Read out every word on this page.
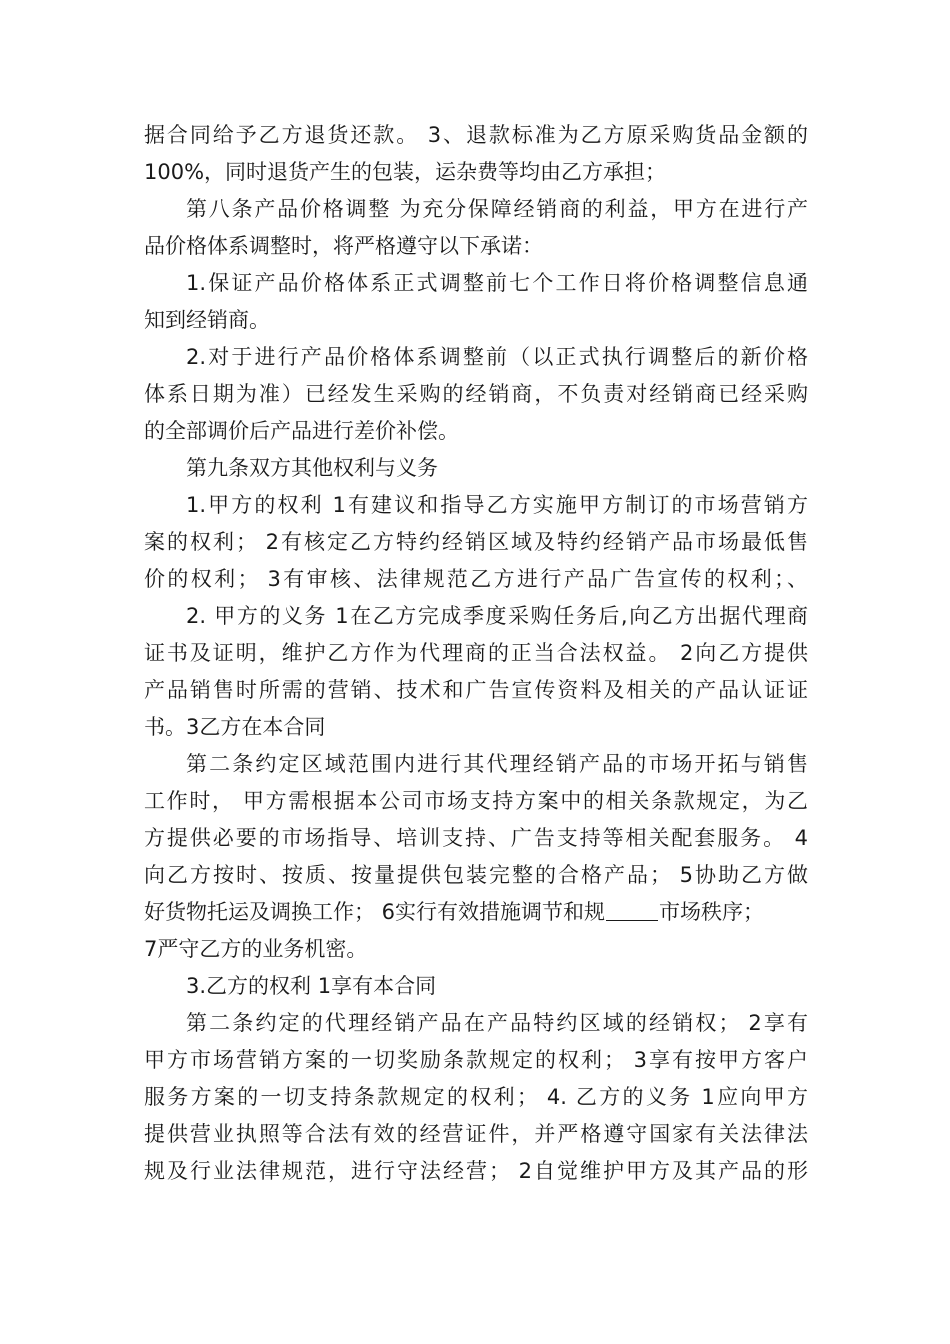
据合同给予乙方退货还款。 3、退款标准为乙方原采购货品金额的
100%，同时退货产生的包装，运杂费等均由乙方承担；
第八条产品价格调整 为充分保障经销商的利益，甲方在进行产
品价格体系调整时，将严格遵守以下承诺：
1.保证产品价格体系正式调整前七个工作日将价格调整信息通
知到经销商。
2.对于进行产品价格体系调整前（以正式执行调整后的新价格
体系日期为准）已经发生采购的经销商，不负责对经销商已经采购
的全部调价后产品进行差价补偿。
第九条双方其他权利与义务
1.甲方的权利 1有建议和指导乙方实施甲方制订的市场营销方
案的权利； 2有核定乙方特约经销区域及特约经销产品市场最低售
价的权利； 3有审核、法律规范乙方进行产品广告宣传的权利；、
2. 甲方的义务 1在乙方完成季度采购任务后,向乙方出据代理商
证书及证明，维护乙方作为代理商的正当合法权益。 2向乙方提供
产品销售时所需的营销、技术和广告宣传资料及相关的产品认证证
书。3乙方在本合同
第二条约定区域范围内进行其代理经销产品的市场开拓与销售
工作时， 甲方需根据本公司市场支持方案中的相关条款规定，为乙
方提供必要的市场指导、培训支持、广告支持等相关配套服务。 4
向乙方按时、按质、按量提供包装完整的合格产品； 5协助乙方做
好货物托运及调换工作； 6实行有效措施调节和规	市场秩序；
7严守乙方的业务机密。
3.乙方的权利 1享有本合同
第二条约定的代理经销产品在产品特约区域的经销权； 2享有
甲方市场营销方案的一切奖励条款规定的权利； 3享有按甲方客户
服务方案的一切支持条款规定的权利； 4. 乙方的义务 1应向甲方
提供营业执照等合法有效的经营证件，并严格遵守国家有关法律法
规及行业法律规范，进行守法经营； 2自觉维护甲方及其产品的形
